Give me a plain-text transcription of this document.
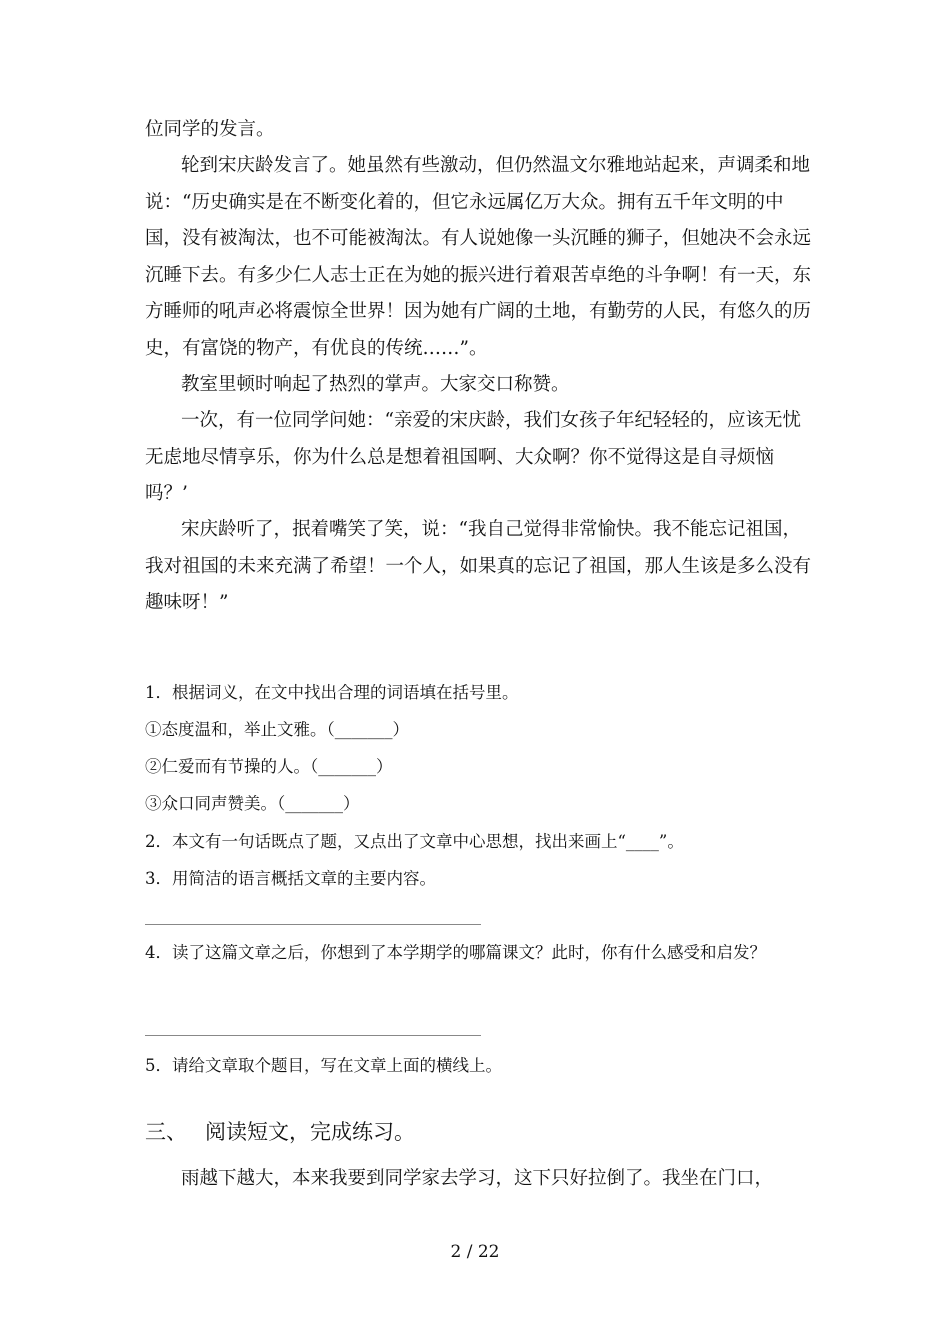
位同学的发言。

轮到宋庆龄发言了。她虽然有些激动，但仍然温文尔雅地站起来，声调柔和地说：“历史确实是在不断变化着的，但它永远属亿万大众。拥有五千年文明的中国，没有被淘汰，也不可能被淘汰。有人说她像一头沉睡的狮子，但她决不会永远沉睡下去。有多少仁人志士正在为她的振兴进行着艰苦卓绝的斗争啊！有一天，东方睡师的吼声必将震惊全世界！因为她有广阔的土地，有勤劳的人民，有悠久的历史，有富饶的物产，有优良的传统……”。

教室里顿时响起了热烈的掌声。大家交口称赞。

一次，有一位同学问她：“亲爱的宋庆龄，我们女孩子年纪轻轻的，应该无忧无虑地尽情享乐，你为什么总是想着祖国啊、大众啊？你不觉得这是自寻烦恼吗？’

宋庆龄听了，抿着嘴笑了笑，说：“我自己觉得非常愉快。我不能忘记祖国，我对祖国的未来充满了希望！一个人，如果真的忘记了祖国，那人生该是多么没有趣味呀！”

1．根据词义，在文中找出合理的词语填在括号里。

①态度温和，举止文雅。（_______）

②仁爱而有节操的人。（_______）

③众口同声赞美。（_______）

2．本文有一句话既点了题，又点出了文章中心思想，找出来画上“____”。

3．用简洁的语言概括文章的主要内容。

4．读了这篇文章之后，你想到了本学期学的哪篇课文？此时，你有什么感受和启发？

5．请给文章取个题目，写在文章上面的横线上。

三、 阅读短文，完成练习。

雨越下越大，本来我要到同学家去学习，这下只好拉倒了。我坐在门口，

2 / 22
